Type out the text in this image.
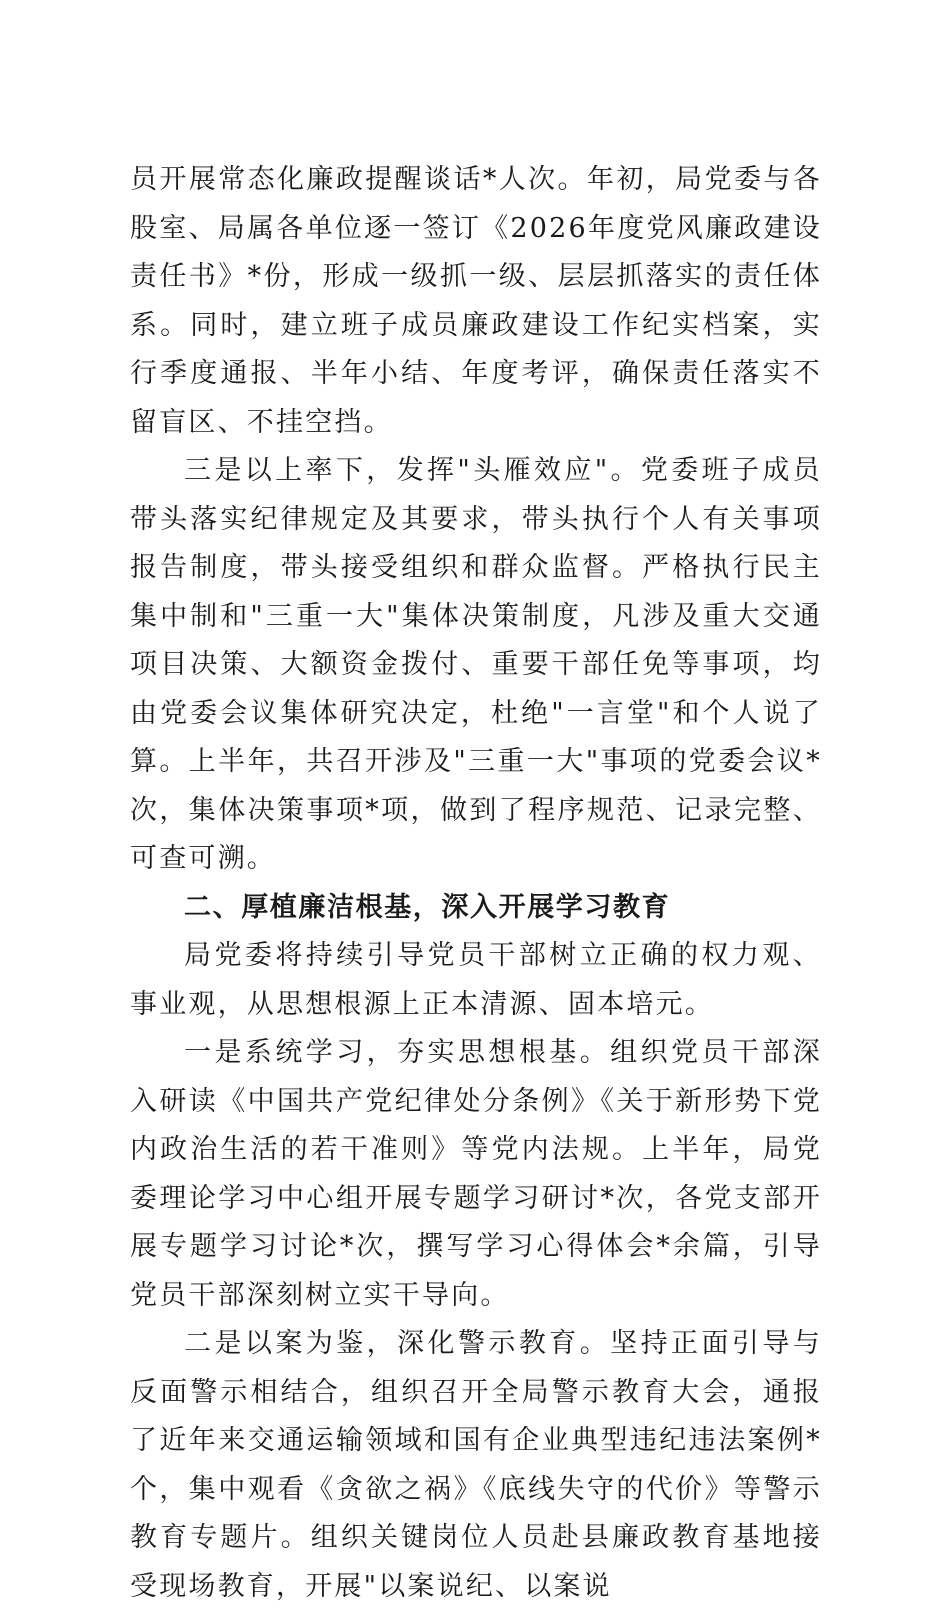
员开展常态化廉政提醒谈话*人次。年初，局党委与各股室、局属各单位逐一签订《2026年度党风廉政建设责任书》*份，形成一级抓一级、层层抓落实的责任体系。同时，建立班子成员廉政建设工作纪实档案，实行季度通报、半年小结、年度考评，确保责任落实不留盲区、不挂空挡。

三是以上率下，发挥"头雁效应"。党委班子成员带头落实纪律规定及其要求，带头执行个人有关事项报告制度，带头接受组织和群众监督。严格执行民主集中制和"三重一大"集体决策制度，凡涉及重大交通项目决策、大额资金拨付、重要干部任免等事项，均由党委会议集体研究决定，杜绝"一言堂"和个人说了算。上半年，共召开涉及"三重一大"事项的党委会议*次，集体决策事项*项，做到了程序规范、记录完整、可查可溯。

二、厚植廉洁根基，深入开展学习教育

局党委将持续引导党员干部树立正确的权力观、事业观，从思想根源上正本清源、固本培元。

一是系统学习，夯实思想根基。组织党员干部深入研读《中国共产党纪律处分条例》《关于新形势下党内政治生活的若干准则》等党内法规。上半年，局党委理论学习中心组开展专题学习研讨*次，各党支部开展专题学习讨论*次，撰写学习心得体会*余篇，引导党员干部深刻树立实干导向。

二是以案为鉴，深化警示教育。坚持正面引导与反面警示相结合，组织召开全局警示教育大会，通报了近年来交通运输领域和国有企业典型违纪违法案例*个，集中观看《贪欲之祸》《底线失守的代价》等警示教育专题片。组织关键岗位人员赴县廉政教育基地接受现场教育，开展"以案说纪、以案说
